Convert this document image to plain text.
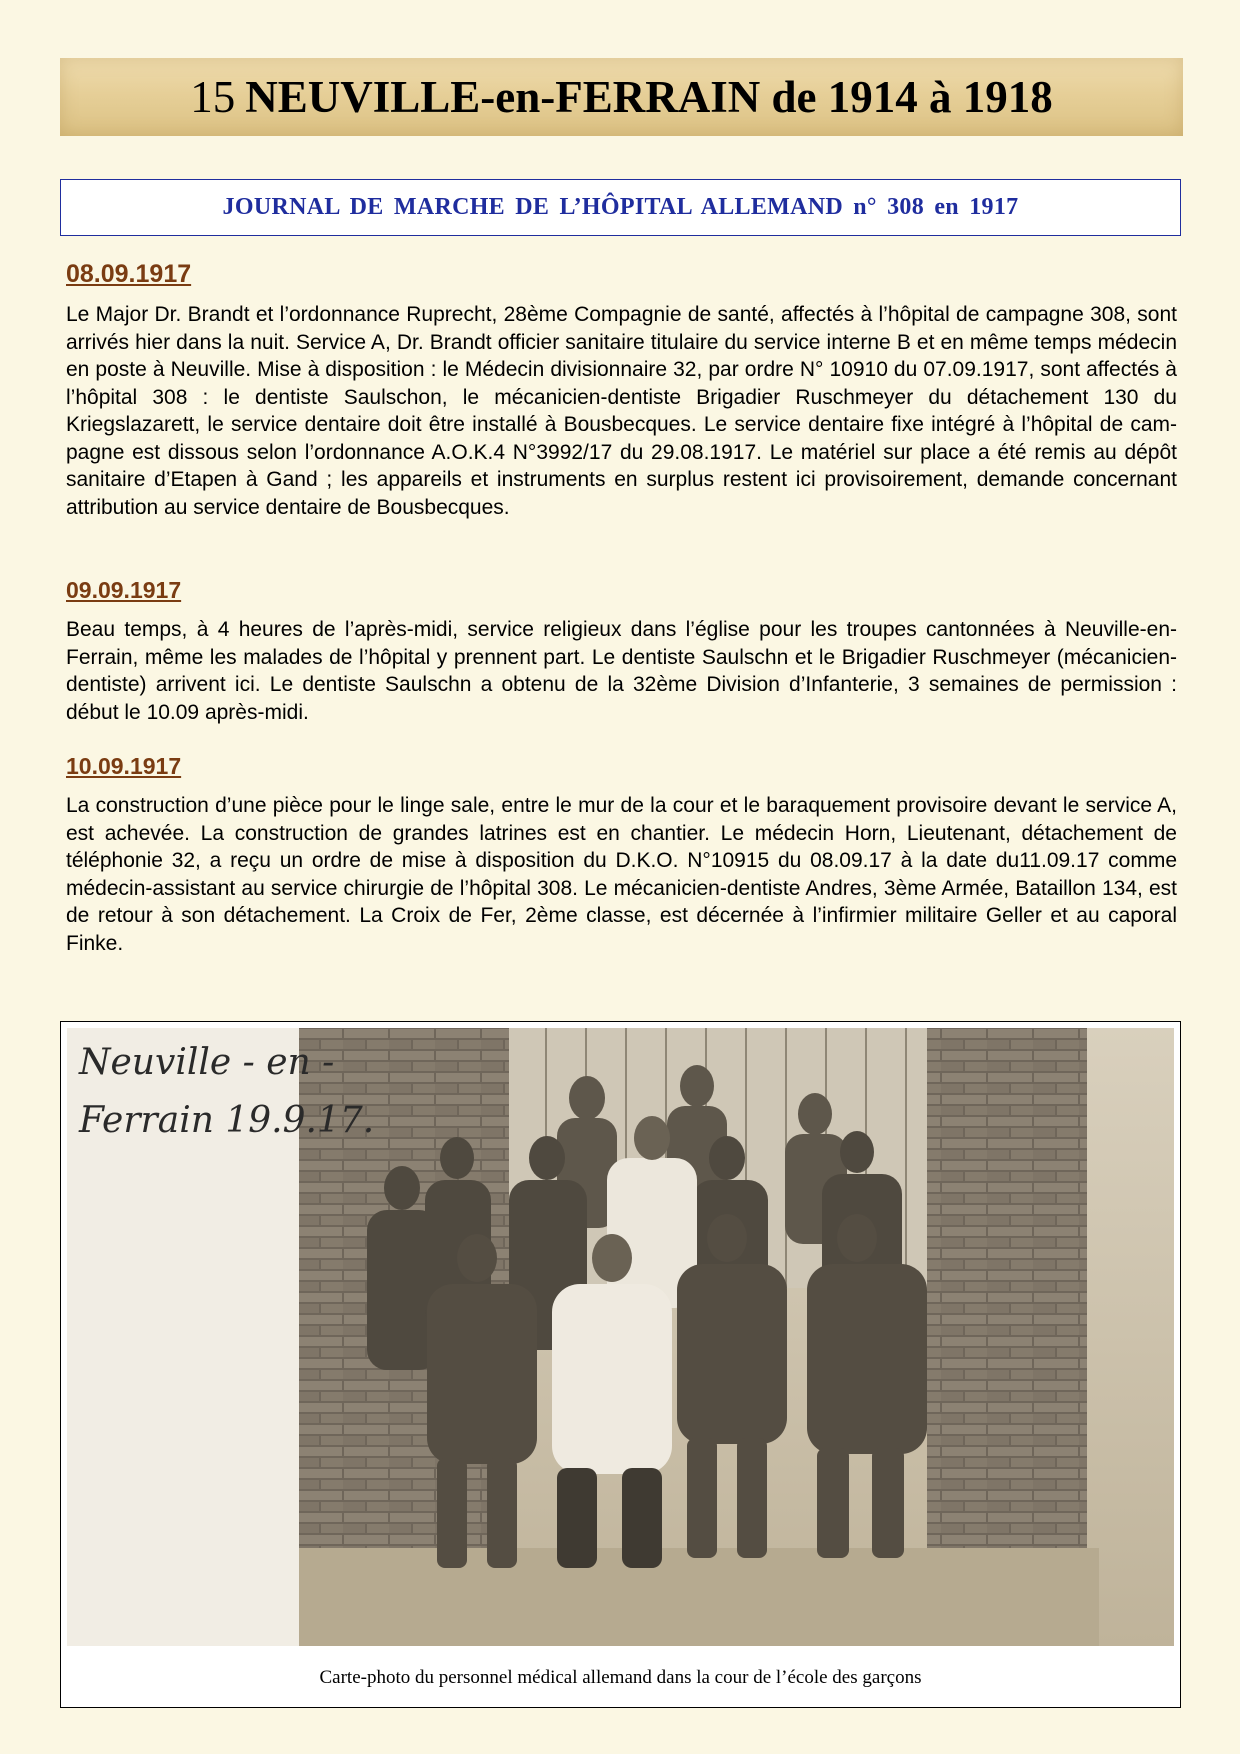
15 NEUVILLE-en-FERRAIN de 1914 à 1918
JOURNAL DE MARCHE DE L’HÔPITAL ALLEMAND n° 308 en 1917

08.09.1917

Le Major Dr. Brandt et l’ordonnance Ruprecht, 28ème Compagnie de santé, affectés à l’hôpital de campagne 308, sont arrivés hier dans la nuit. Service A, Dr. Brandt officier sanitaire titulaire du service interne B et en même temps médecin en poste à Neuville. Mise à disposition : le Médecin divisionnaire 32, par ordre N° 10910 du 07.09.1917, sont affectés à l’hôpital 308 : le dentiste Saulschon, le mécanicien-dentiste Brigadier Ruschmeyer du détachement 130 du Kriegslazarett, le service dentaire doit être installé à Bousbecques. Le service dentaire fixe intégré à l’hôpital de campagne est dissous selon l’ordonnance A.O.K.4 N°3992/17 du 29.08.1917. Le matériel sur place a été remis au dépôt sanitaire d’Etapen à Gand ; les appareils et instruments en surplus restent ici provisoirement, demande concernant attribution au service dentaire de Bousbecques.

09.09.1917

Beau temps, à 4 heures de l’après-midi, service religieux dans l’église pour les troupes cantonnées à Neuville-en-Ferrain, même les malades de l’hôpital y prennent part. Le dentiste Saulschn et le Brigadier Ruschmeyer (mécanicien-dentiste) arrivent ici. Le dentiste Saulschn a obtenu de la 32ème Division d’Infanterie, 3 semaines de permission : début le 10.09 après-midi.

10.09.1917

La construction d’une pièce pour le linge sale, entre le mur de la cour et le baraquement provisoire devant le service A, est achevée. La construction de grandes latrines est en chantier. Le médecin Horn, Lieutenant, détachement de téléphonie 32, a reçu un ordre de mise à disposition du D.K.O. N°10915 du 08.09.17 à la date du11.09.17 comme médecin-assistant au service chirurgie de l’hôpital 308. Le mécanicien-dentiste Andres, 3ème Armée, Bataillon 134, est de retour à son détachement. La Croix de Fer, 2ème classe, est décernée à l’infirmier militaire Geller et au caporal Finke.

Neuville - en -
Ferrain 19.9.17.
Carte-photo du personnel médical allemand dans la cour de l’école des garçons
